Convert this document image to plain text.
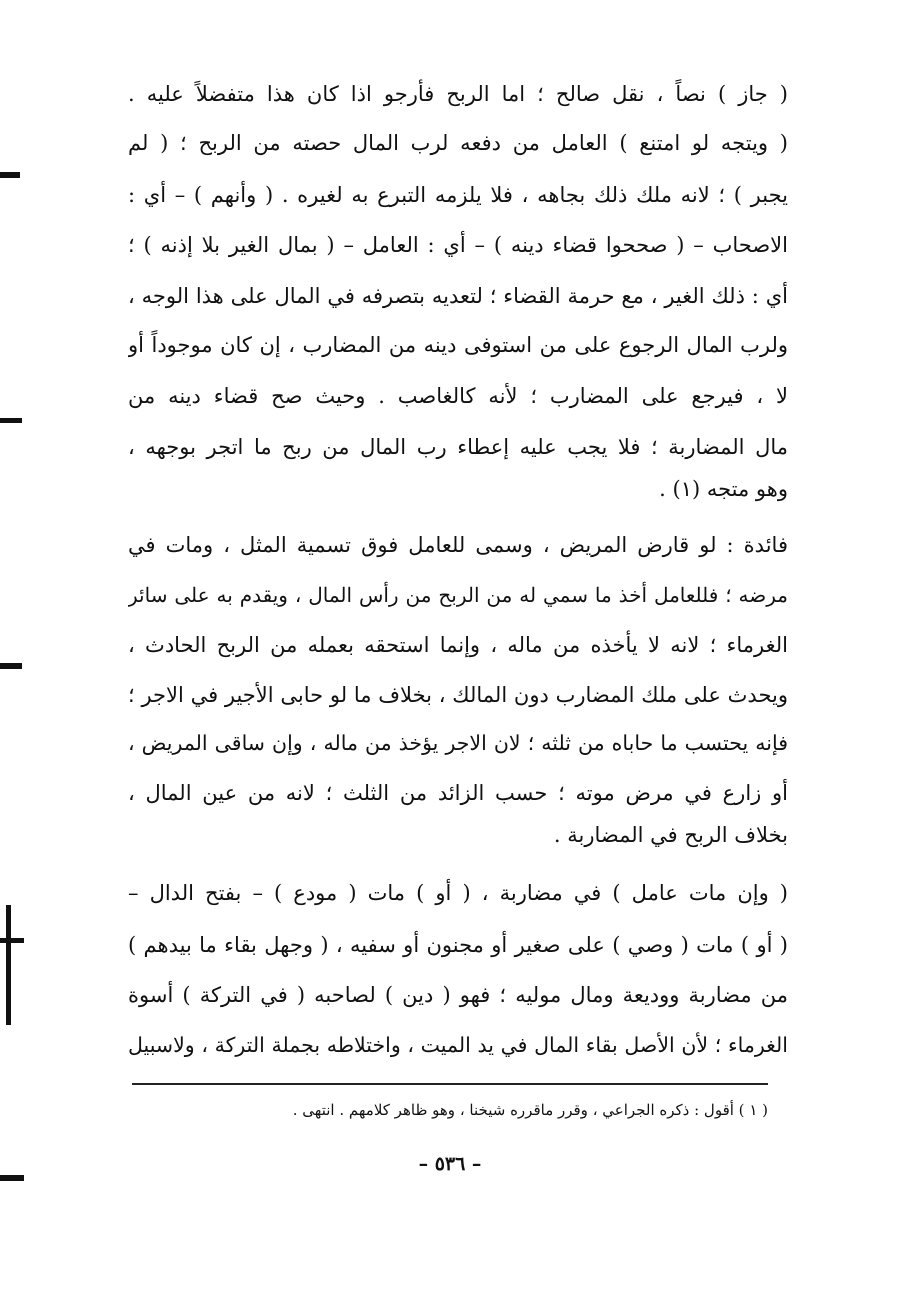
( جاز ) نصاً ، نقل صالح ؛ اما الربح فأرجو اذا كان هذا متفضلاً عليه .
( ويتجه لو امتنع ) العامل من دفعه لرب المال حصته من الربح ؛ ( لم
يجبر ) ؛ لانه ملك ذلك بجاهه ، فلا يلزمه التبرع به لغيره . ( وأنهم ) – أي :
الاصحاب – ( صححوا قضاء دينه ) – أي : العامل – ( بمال الغير بلا إذنه ) ؛
أي : ذلك الغير ، مع حرمة القضاء ؛ لتعديه بتصرفه في المال على هذا الوجه ،
ولرب المال الرجوع على من استوفى دينه من المضارب ، إن كان موجوداً أو
لا ، فيرجع على المضارب ؛ لأنه كالغاصب . وحيث صح قضاء دينه من
مال المضاربة ؛ فلا يجب عليه إعطاء رب المال من ربح ما اتجر بوجهه ،
وهو متجه (١) .
فائدة : لو قارض المريض ، وسمى للعامل فوق تسمية المثل ، ومات في
مرضه ؛ فللعامل أخذ ما سمي له من الربح من رأس المال ، ويقدم به على سائر
الغرماء ؛ لانه لا يأخذه من ماله ، وإنما استحقه بعمله من الربح الحادث ،
ويحدث على ملك المضارب دون المالك ، بخلاف ما لو حابى الأجير في الاجر ؛
فإنه يحتسب ما حاباه من ثلثه ؛ لان الاجر يؤخذ من ماله ، وإن ساقى المريض ،
أو زارع في مرض موته ؛ حسب الزائد من الثلث ؛ لانه من عين المال ،
بخلاف الربح في المضاربة .
( وإن مات عامل ) في مضاربة ، ( أو ) مات ( مودع ) – بفتح الدال –
( أو ) مات ( وصي ) على صغير أو مجنون أو سفيه ، ( وجهل بقاء ما بيدهم )
من مضاربة ووديعة ومال موليه ؛ فهو ( دين ) لصاحبه ( في التركة ) أسوة
الغرماء ؛ لأن الأصل بقاء المال في يد الميت ، واختلاطه بجملة التركة ، ولاسبيل
( ١ ) أقول : ذكره الجراعي ، وقرر ماقرره شيخنا ، وهو ظاهر كلامهم . انتهى .
– ٥٣٦ –
